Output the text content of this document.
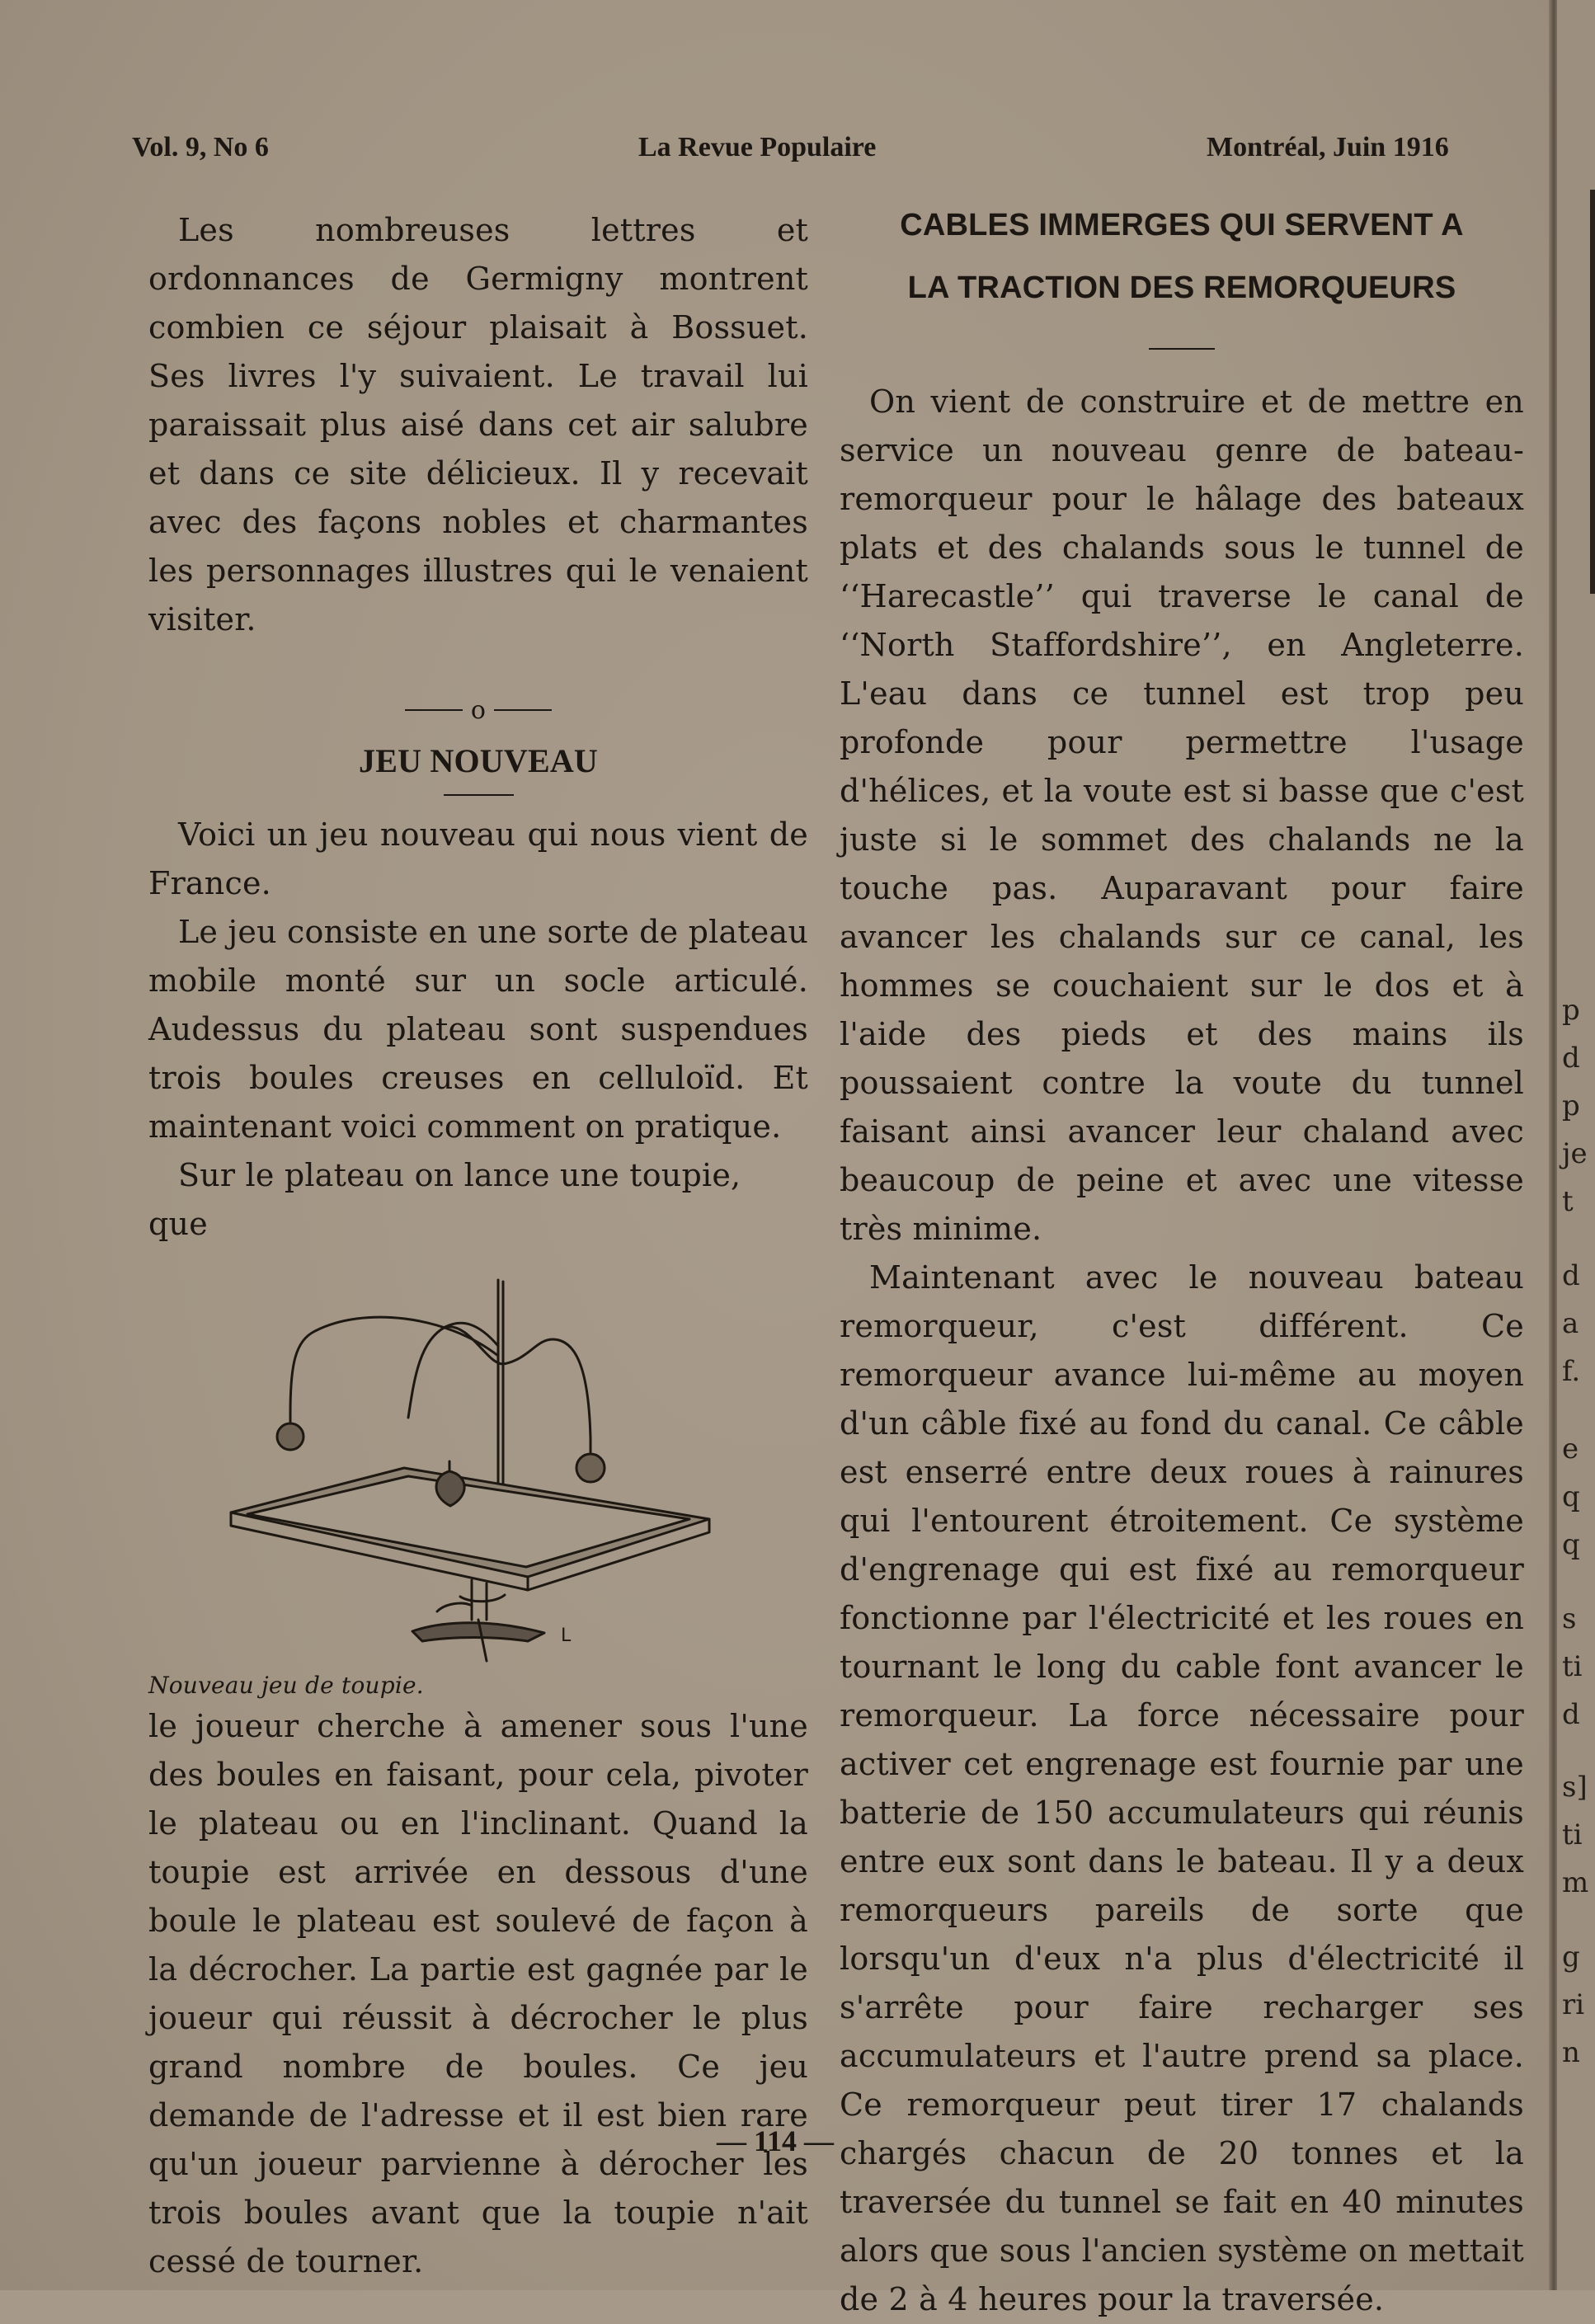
Vol. 9, No 6	La Revue Populaire	Montréal, Juin 1916

Les nombreuses lettres et ordonnances de Germigny montrent combien ce séjour plaisait à Bossuet. Ses livres l'y suivaient. Le travail lui paraissait plus aisé dans cet air salubre et dans ce site délicieux. Il y recevait avec des façons nobles et charmantes les personnages illustres qui le venaient visiter.

o
JEU NOUVEAU

Voici un jeu nouveau qui nous vient de France.

Le jeu consiste en une sorte de plateau mobile monté sur un socle articulé. Audessus du plateau sont suspendues trois boules creuses en celluloïd. Et maintenant voici comment on pratique.

Sur le plateau on lance une toupie, que

L

Nouveau jeu de toupie.

le joueur cherche à amener sous l'une des boules en faisant, pour cela, pivoter le plateau ou en l'inclinant. Quand la toupie est arrivée en dessous d'une boule le plateau est soulevé de façon à la décrocher. La partie est gagnée par le joueur qui réussit à décrocher le plus grand nombre de boules. Ce jeu demande de l'adresse et il est bien rare qu'un joueur parvienne à dérocher les trois boules avant que la toupie n'ait cessé de tourner.

CABLES IMMERGES QUI SERVENT A
LA TRACTION DES REMORQUEURS

On vient de construire et de mettre en service un nouveau genre de bateau-remorqueur pour le hâlage des bateaux plats et des chalands sous le tunnel de ‘‘Harecastle’’ qui traverse le canal de ‘‘North Staffordshire’’, en Angleterre. L'eau dans ce tunnel est trop peu profonde pour permettre l'usage d'hélices, et la voute est si basse que c'est juste si le sommet des chalands ne la touche pas. Auparavant pour faire avancer les chalands sur ce canal, les hommes se couchaient sur le dos et à l'aide des pieds et des mains ils poussaient contre la voute du tunnel faisant ainsi avancer leur chaland avec beaucoup de peine et avec une vitesse très minime.

Maintenant avec le nouveau bateau remorqueur, c'est différent. Ce remorqueur avance lui-même au moyen d'un câble fixé au fond du canal. Ce câble est enserré entre deux roues à rainures qui l'entourent étroitement. Ce système d'engrenage qui est fixé au remorqueur fonctionne par l'électricité et les roues en tournant le long du cable font avancer le remorqueur. La force nécessaire pour activer cet engrenage est fournie par une batterie de 150 accumulateurs qui réunis entre eux sont dans le bateau. Il y a deux remorqueurs pareils de sorte que lorsqu'un d'eux n'a plus d'électricité il s'arrête pour faire recharger ses accumulateurs et l'autre prend sa place. Ce remorqueur peut tirer 17 chalands chargés chacun de 20 tonnes et la traversée du tunnel se fait en 40 minutes alors que sous l'ancien système on mettait de 2 à 4 heures pour la traversée.

— 114 —
p
d
p
je
t
d
a
f.
e
q
q
s
ti
d
s]
ti
m
g
ri
n
